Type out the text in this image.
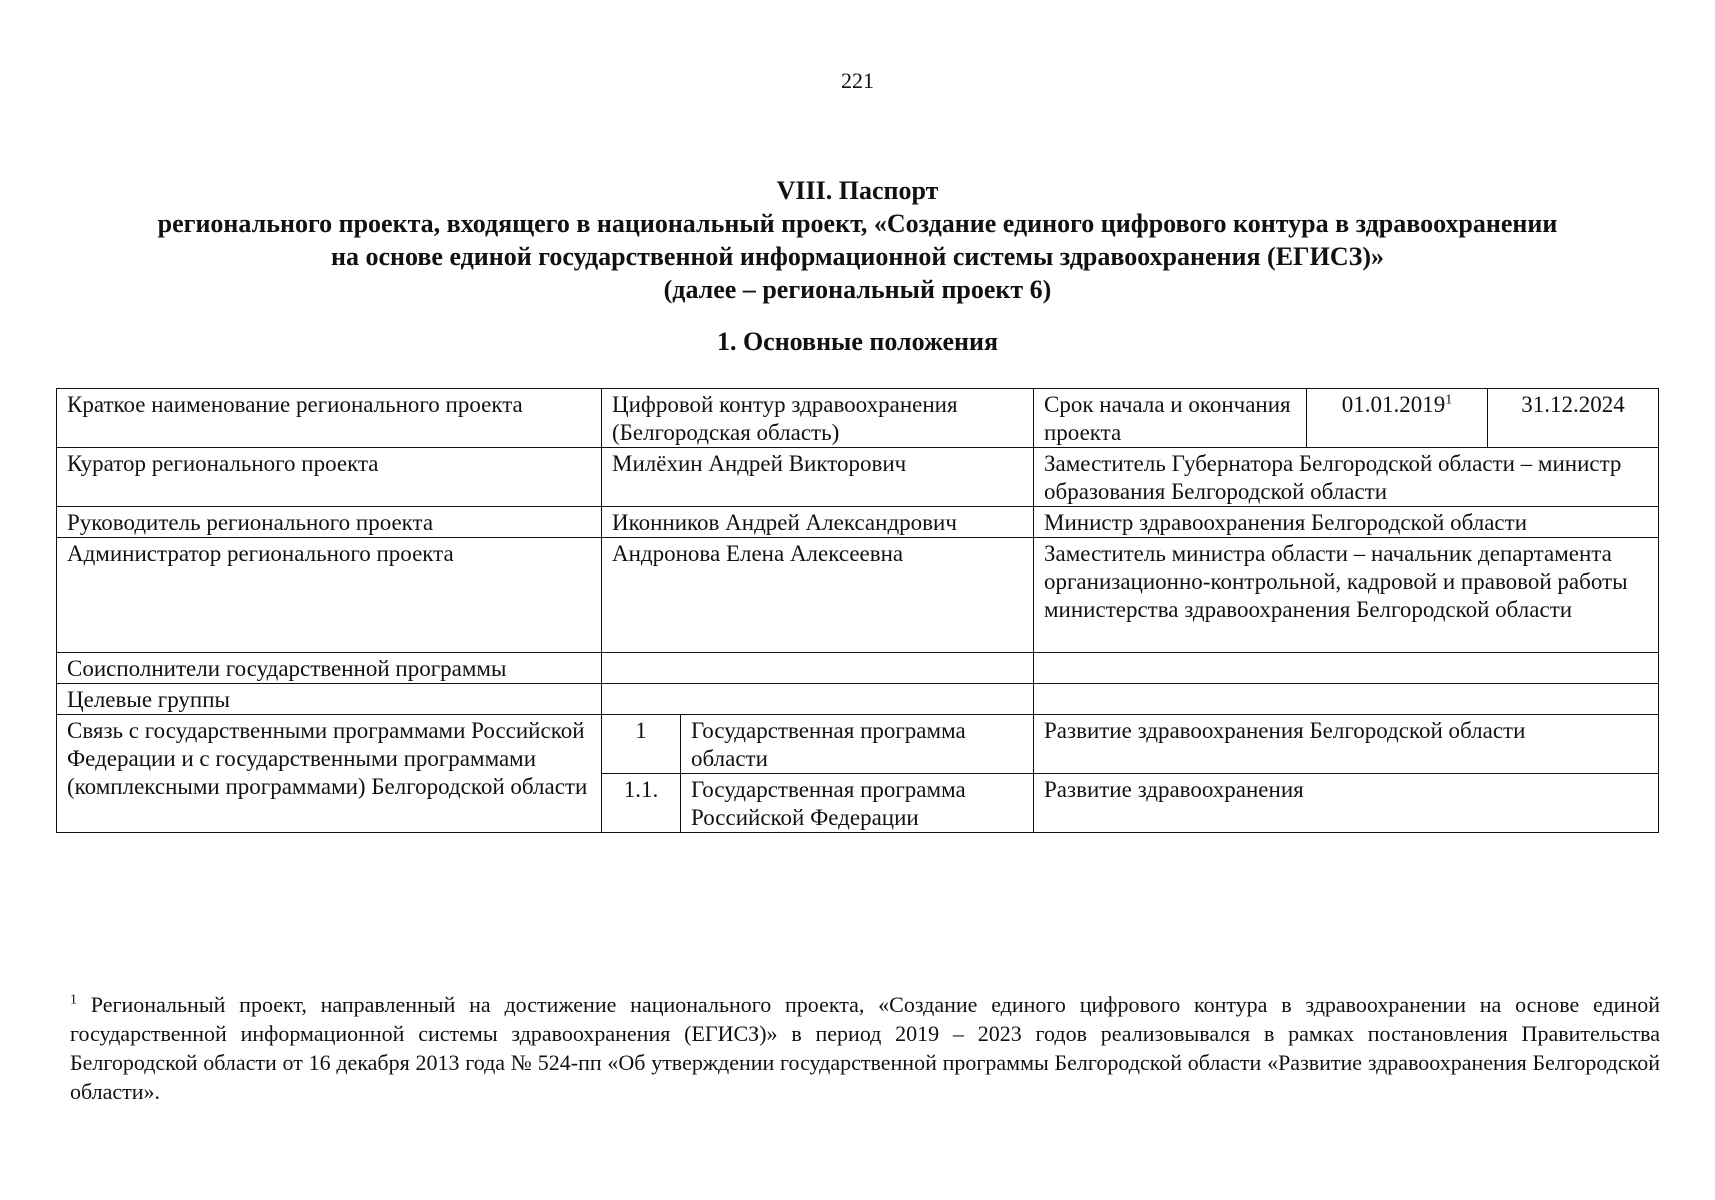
221
VIII. Паспорт
регионального проекта, входящего в национальный проект, «Создание единого цифрового контура в здравоохранении
на основе единой государственной информационной системы здравоохранения (ЕГИСЗ)»
(далее – региональный проект 6)
1. Основные положения
Краткое наименование регионального проекта	Цифровой контур здравоохранения (Белгородская область)		Срок начала и окончания проекта	01.01.2019$^1$	31.12.2024
Куратор регионального проекта	Милёхин Андрей Викторович		Заместитель Губернатора Белгородской области – министр образования Белгородской области		
Руководитель регионального проекта	Иконников Андрей Александрович		Министр здравоохранения Белгородской области		
Администратор регионального проекта	Андронова Елена Алексеевна		Заместитель министра области – начальник департамента организационно-контрольной, кадровой и правовой работы министерства здравоохранения Белгородской области		
Соисполнители государственной программы					
Целевые группы					
Связь с государственными программами Российской Федерации и с государственными программами (комплексными программами) Белгородской области	1	Государственная программа области	Развитие здравоохранения Белгородской области		
	1.1.	Государственная программа Российской Федерации	Развитие здравоохранения		
$^1$ Региональный проект, направленный на достижение национального проекта, «Создание единого цифрового контура в здравоохранении на основе единой государственной информационной системы здравоохранения (ЕГИСЗ)» в период 2019 – 2023 годов реализовывался в рамках постановления Правительства Белгородской области от 16 декабря 2013 года № 524-пп «Об утверждении государственной программы Белгородской области «Развитие здравоохранения Белгородской области».
